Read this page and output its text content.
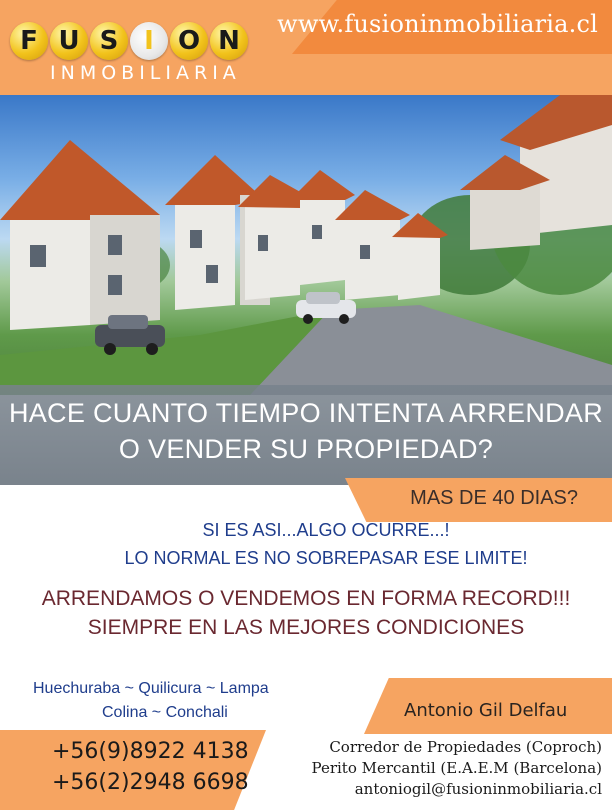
www.fusioninmobiliaria.cl
F U S I O N
INMOBILIARIA
HACE CUANTO TIEMPO INTENTA ARRENDAR
O VENDER SU PROPIEDAD?
MAS DE 40 DIAS?
SI ES ASI...ALGO OCURRE...!
LO NORMAL ES NO SOBREPASAR ESE LIMITE!
ARRENDAMOS O VENDEMOS EN FORMA RECORD!!!
SIEMPRE EN LAS MEJORES CONDICIONES
Huechuraba ~ Quilicura ~ Lampa
Colina ~ Conchali	Antonio Gil Delfau
+56(9)8922 4138
+56(2)2948 6698
Corredor de Propiedades (Coproch)
Perito Mercantil (E.A.E.M (Barcelona)
antoniogil@fusioninmobiliaria.cl
